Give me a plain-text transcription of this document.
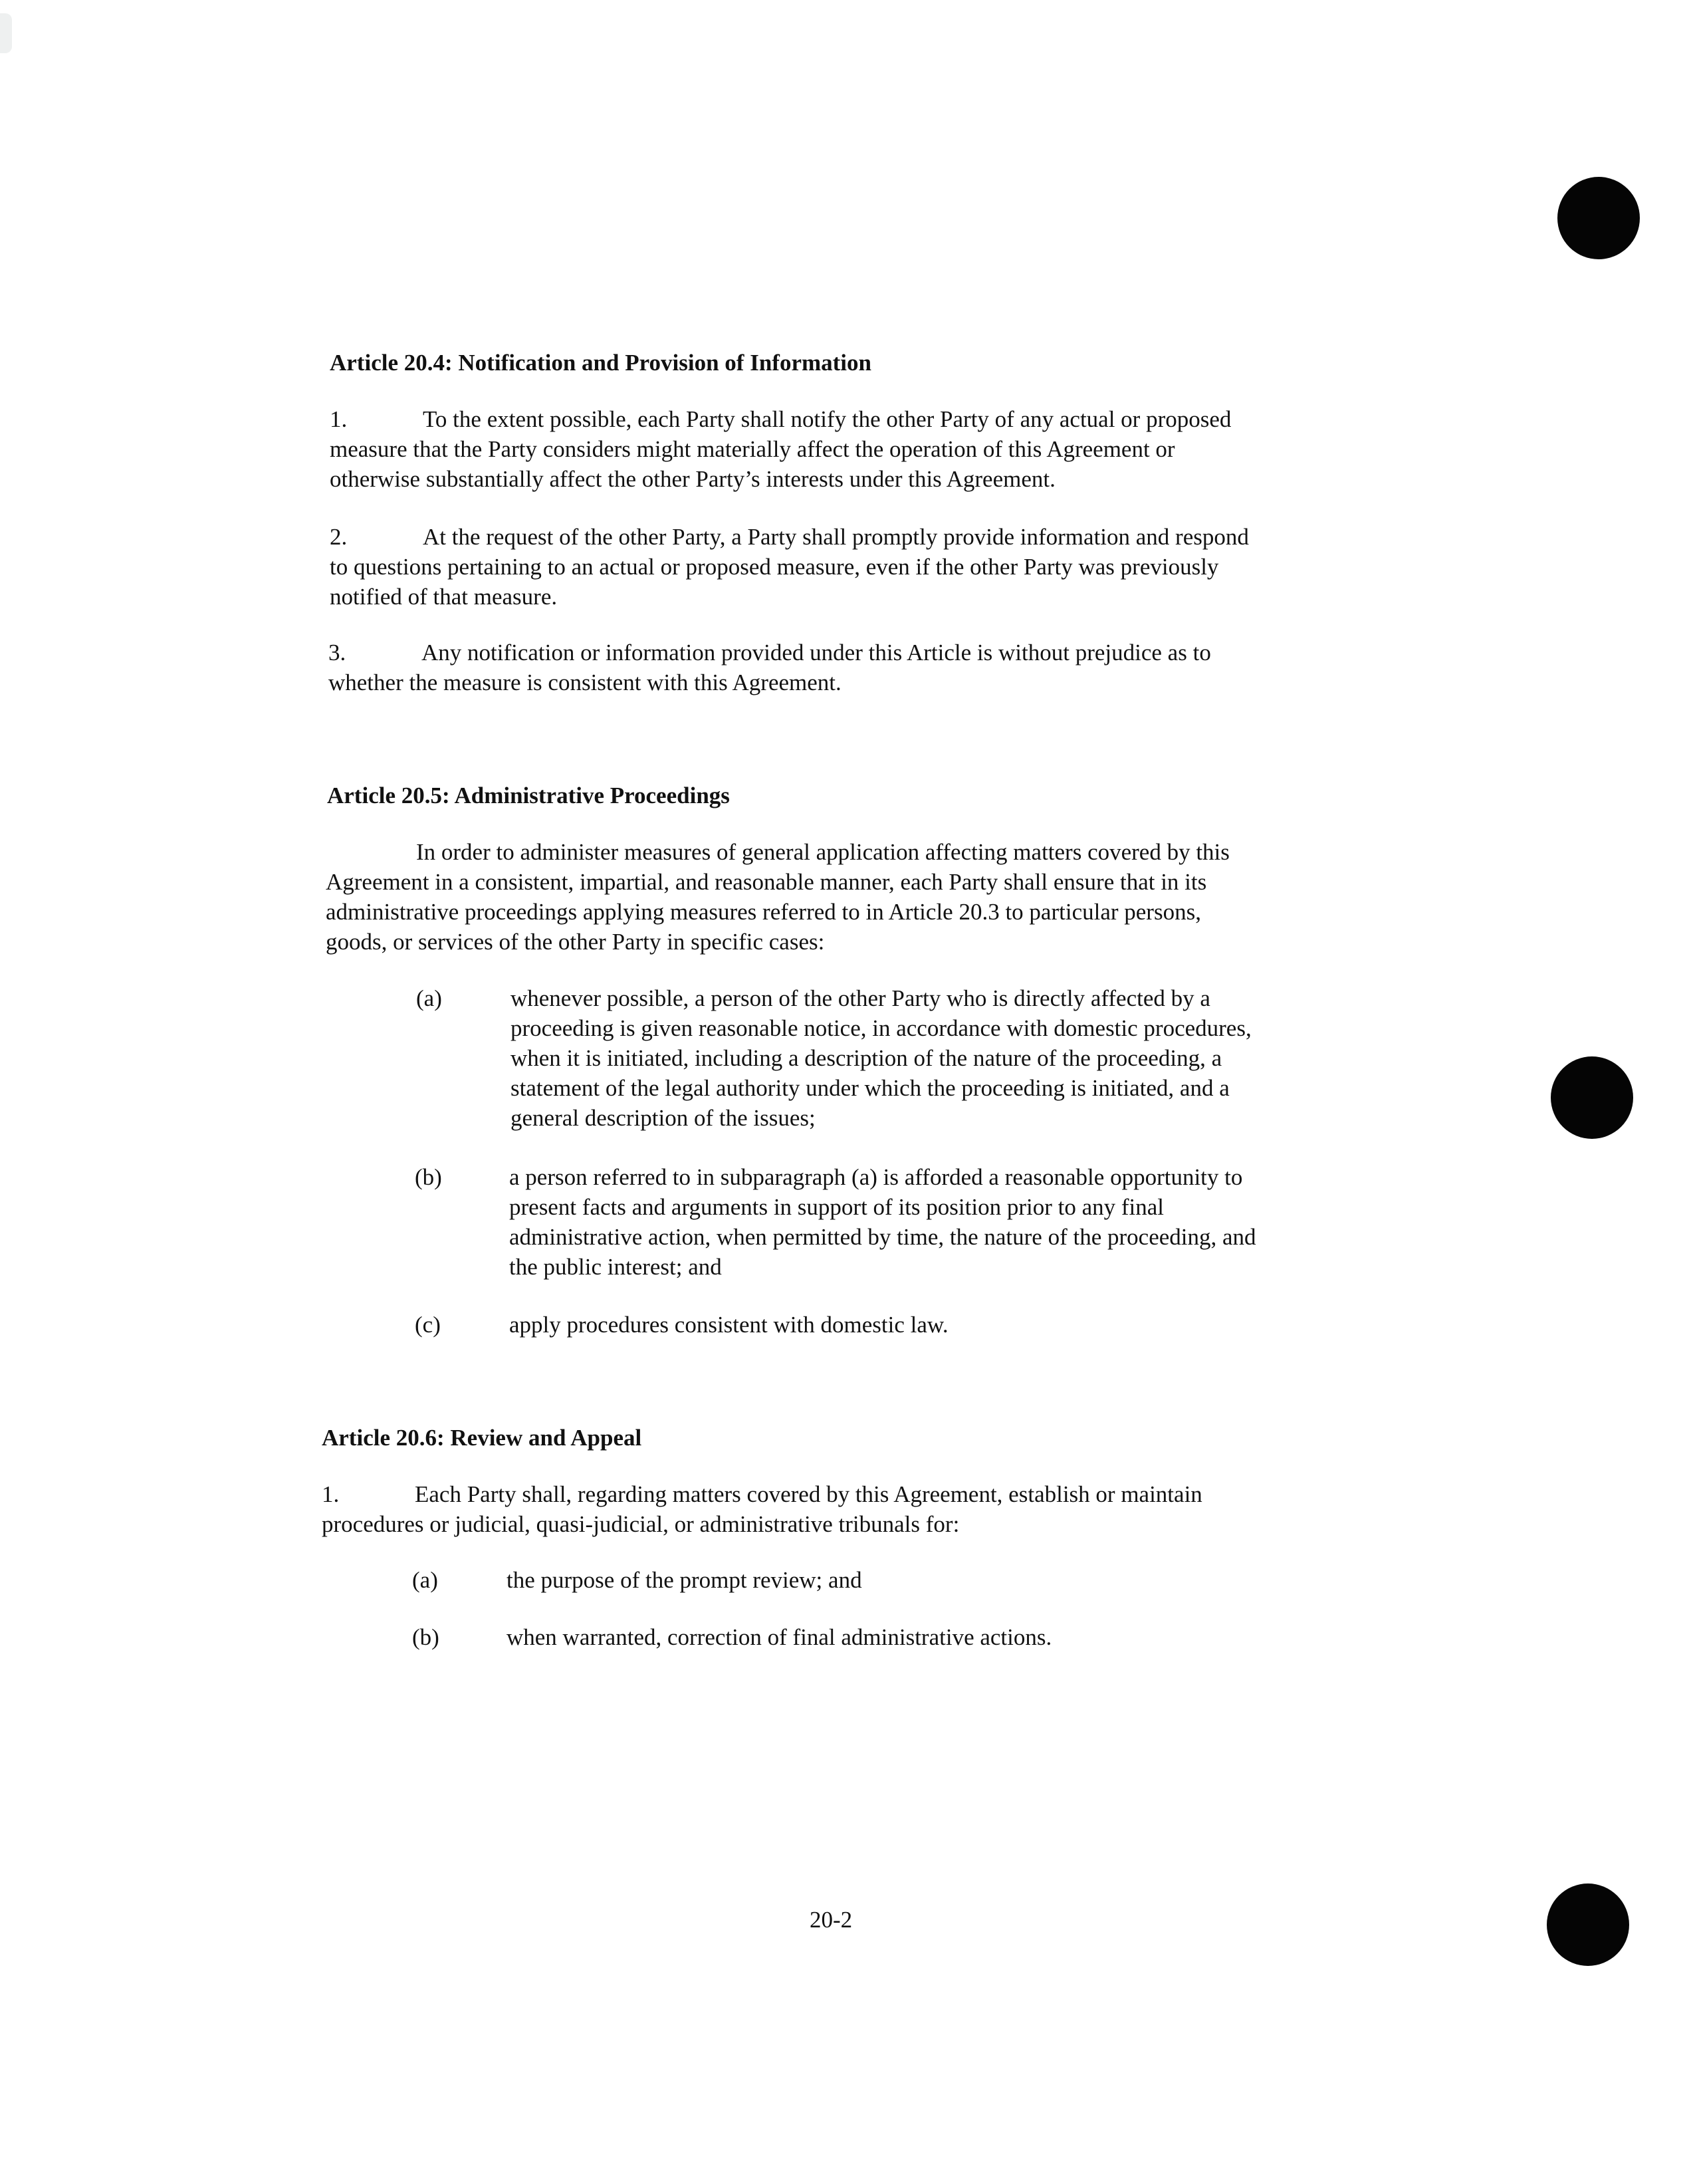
Article 20.4: Notification and Provision of Information
1.	To the extent possible, each Party shall notify the other Party of any actual or proposed
measure that the Party considers might materially affect the operation of this Agreement or
otherwise substantially affect the other Party’s interests under this Agreement.
2.	At the request of the other Party, a Party shall promptly provide information and respond
to questions pertaining to an actual or proposed measure, even if the other Party was previously
notified of that measure.
3.	Any notification or information provided under this Article is without prejudice as to
whether the measure is consistent with this Agreement.
Article 20.5: Administrative Proceedings
In order to administer measures of general application affecting matters covered by this
Agreement in a consistent, impartial, and reasonable manner, each Party shall ensure that in its
administrative proceedings applying measures referred to in Article 20.3 to particular persons,
goods, or services of the other Party in specific cases:
(a)	whenever possible, a person of the other Party who is directly affected by a
proceeding is given reasonable notice, in accordance with domestic procedures,
when it is initiated, including a description of the nature of the proceeding, a
statement of the legal authority under which the proceeding is initiated, and a
general description of the issues;
(b)	a person referred to in subparagraph (a) is afforded a reasonable opportunity to
present facts and arguments in support of its position prior to any final
administrative action, when permitted by time, the nature of the proceeding, and
the public interest; and
(c)	apply procedures consistent with domestic law.
Article 20.6: Review and Appeal
1.	Each Party shall, regarding matters covered by this Agreement, establish or maintain
procedures or judicial, quasi-judicial, or administrative tribunals for:
(a)	the purpose of the prompt review; and
(b)	when warranted, correction of final administrative actions.
20-2
